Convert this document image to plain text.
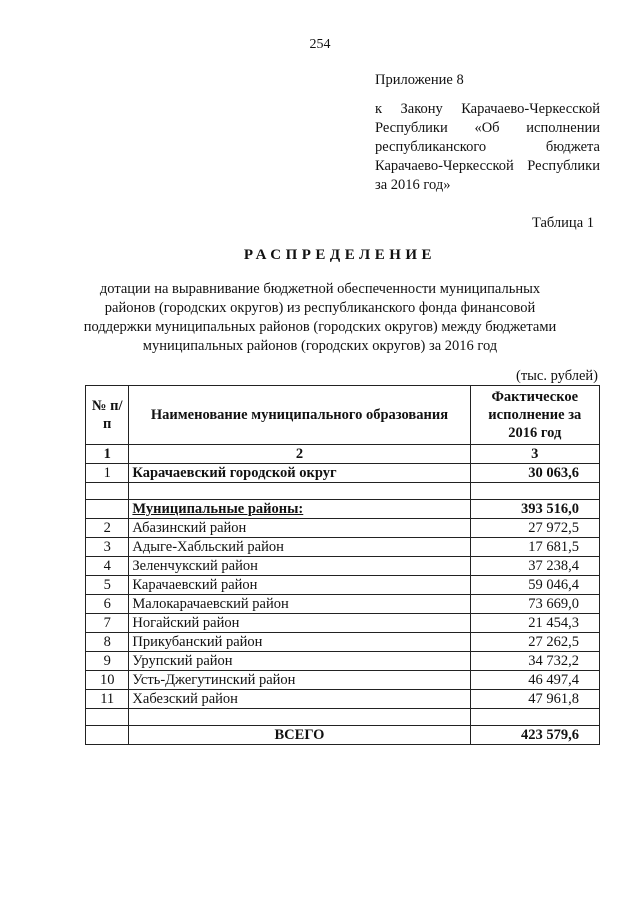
254
Приложение 8
к Закону Карачаево-Черкесской Республики «Об исполнении республиканского бюджета Карачаево-Черкесской Республики за 2016 год»
Таблица 1
РАСПРЕДЕЛЕНИЕ
дотации на выравнивание бюджетной обеспеченности муниципальных районов (городских округов) из республиканского фонда финансовой поддержки муниципальных районов (городских округов) между бюджетами муниципальных районов (городских округов) за 2016 год
(тыс. рублей)
№ п/п	Наименование муниципального образования	Фактическое исполнение за 2016 год
1	2	3
1	Карачаевский городской округ	30 063,6

	Муниципальные районы:	393 516,0
2	Абазинский район	27 972,5
3	Адыге-Хабльский район	17 681,5
4	Зеленчукский район	37 238,4
5	Карачаевский район	59 046,4
6	Малокарачаевский район	73 669,0
7	Ногайский район	21 454,3
8	Прикубанский район	27 262,5
9	Урупский район	34 732,2
10	Усть-Джегутинский район	46 497,4
11	Хабезский район	47 961,8

	ВСЕГО	423 579,6
